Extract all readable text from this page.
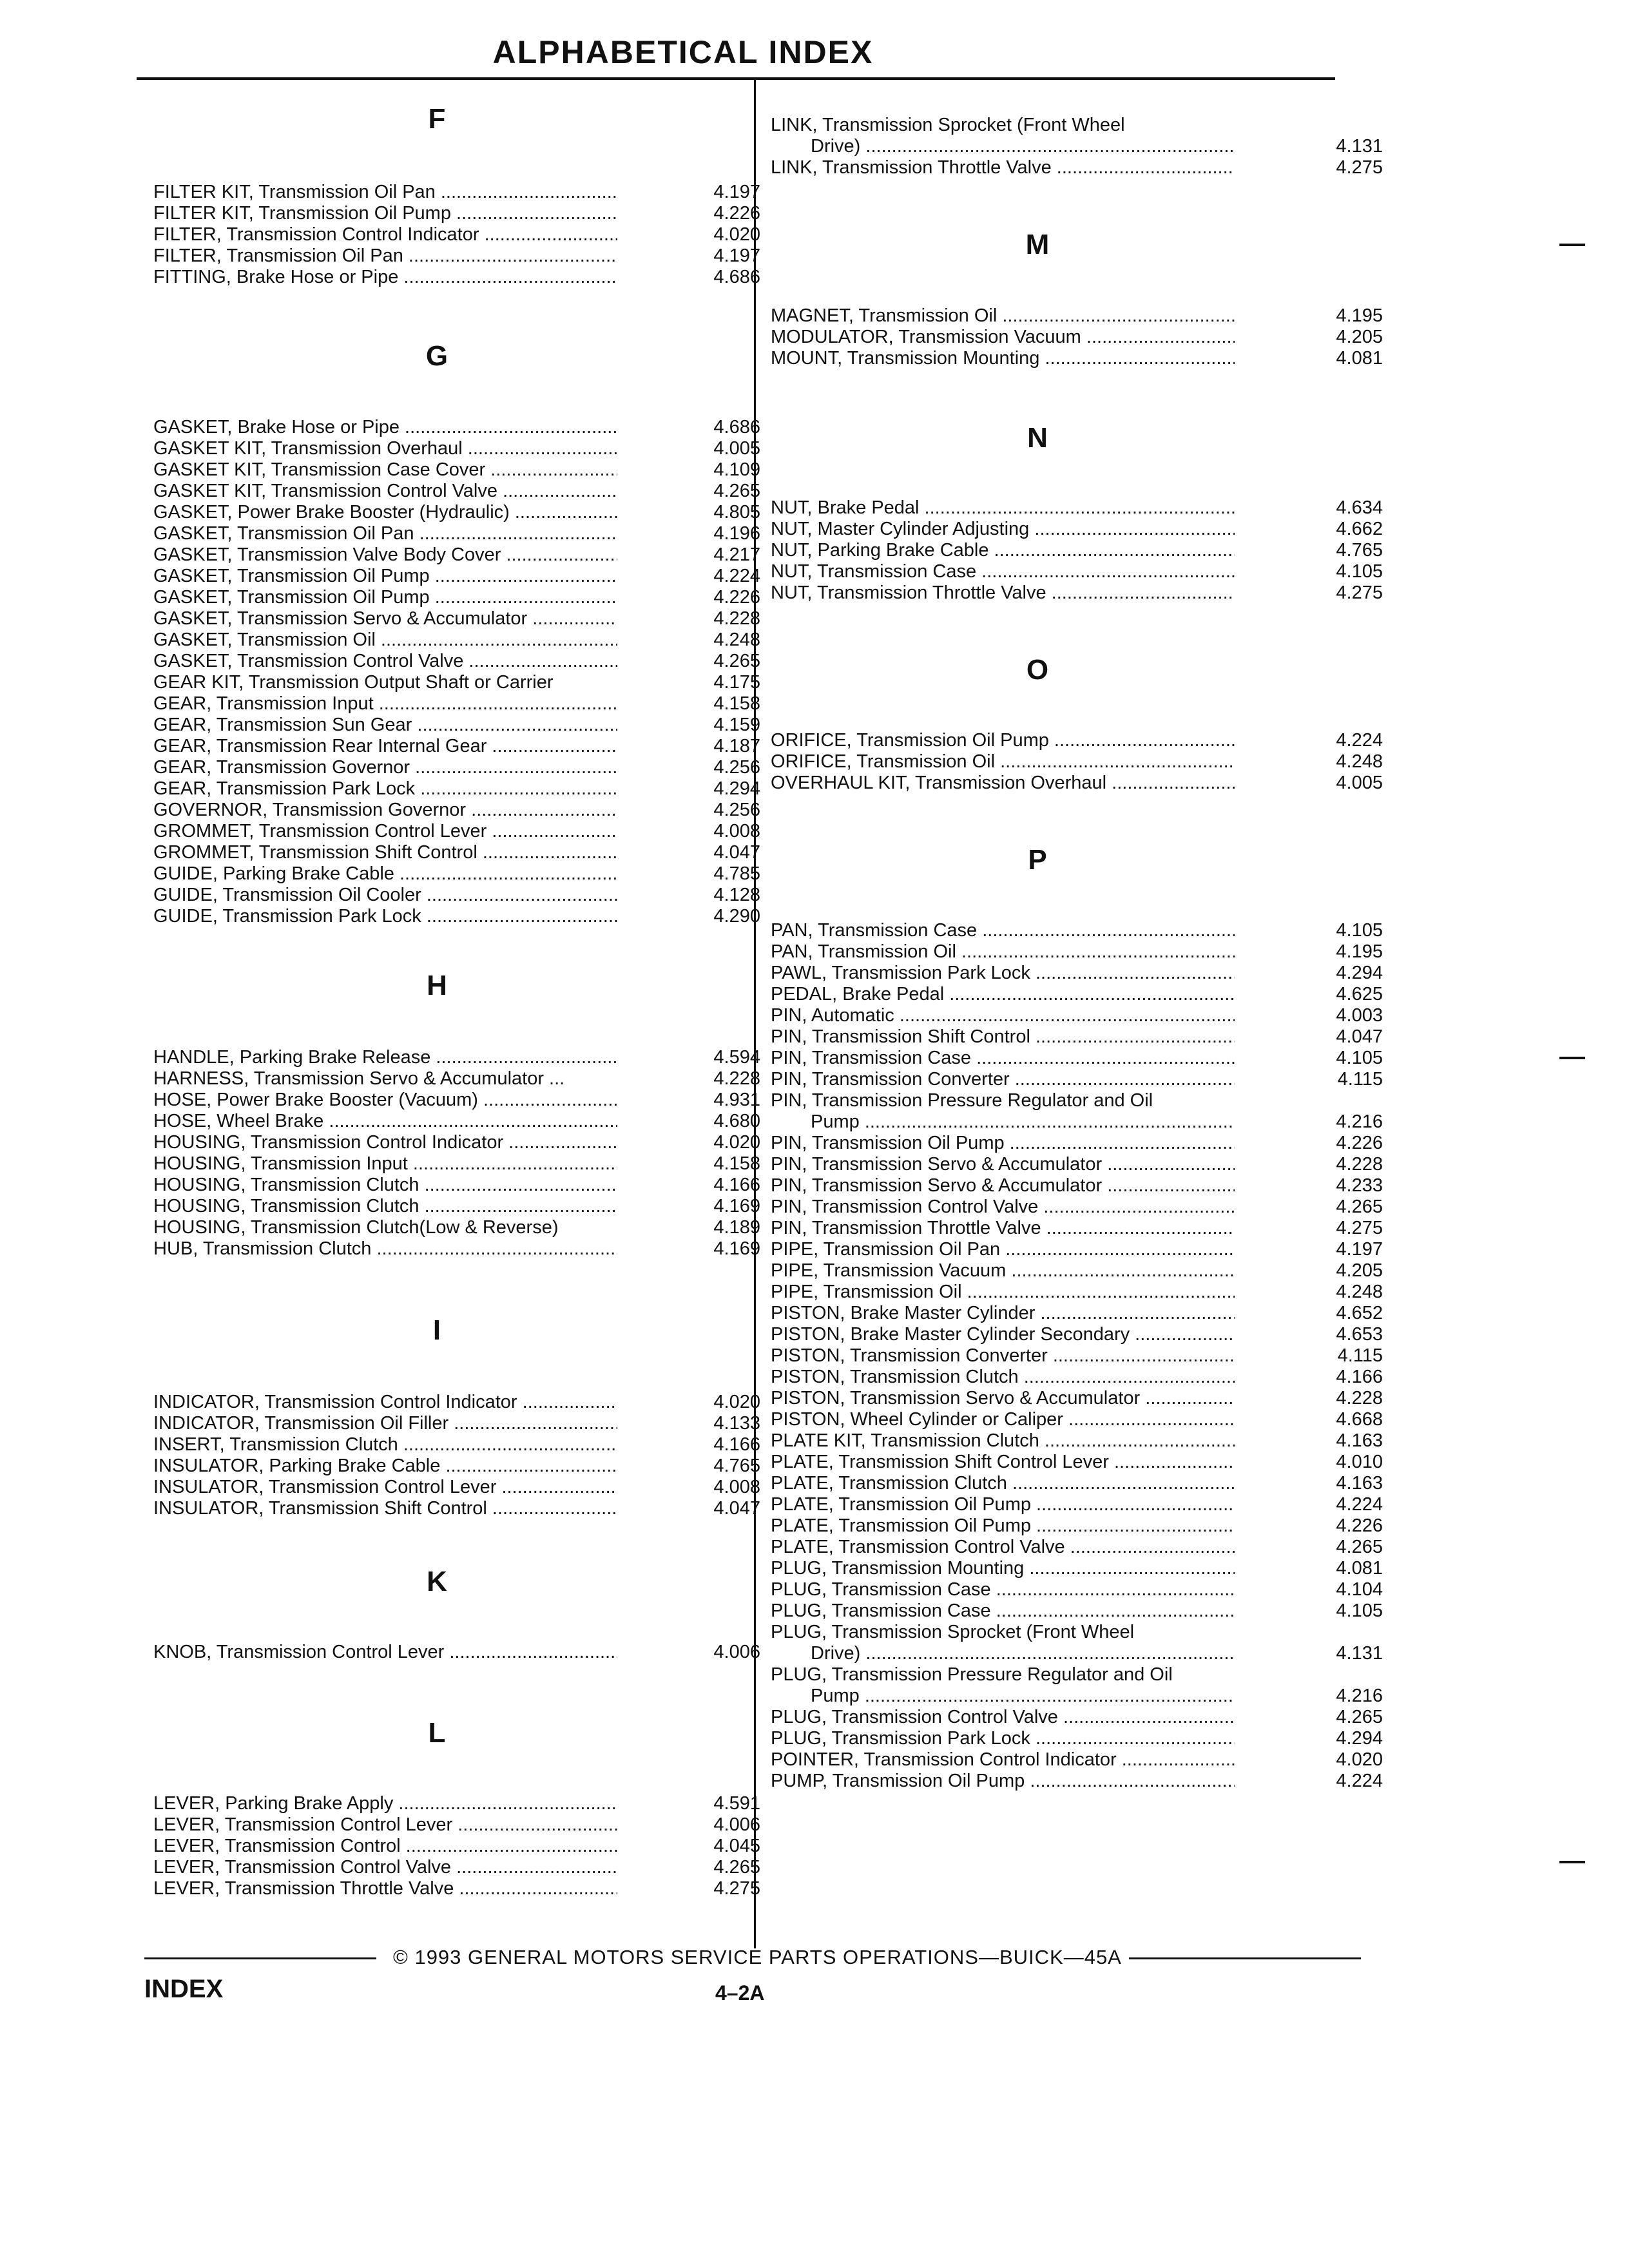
ALPHABETICAL INDEX
F
FILTER KIT, Transmission Oil Pan .....	4.197
FILTER KIT, Transmission Oil Pump .....	4.226
FILTER, Transmission Control Indicator .....	4.020
FILTER, Transmission Oil Pan .....	4.197
FITTING, Brake Hose or Pipe .....	4.686
G
GASKET, Brake Hose or Pipe .....	4.686
GASKET KIT, Transmission Overhaul .....	4.005
GASKET KIT, Transmission Case Cover .....	4.109
GASKET KIT, Transmission Control Valve .....	4.265
GASKET, Power Brake Booster (Hydraulic) .....	4.805
GASKET, Transmission Oil Pan .....	4.196
GASKET, Transmission Valve Body Cover .....	4.217
GASKET, Transmission Oil Pump .....	4.224
GASKET, Transmission Oil Pump .....	4.226
GASKET, Transmission Servo & Accumulator .....	4.228
GASKET, Transmission Oil .....	4.248
GASKET, Transmission Control Valve .....	4.265
GEAR KIT, Transmission Output Shaft or Carrier	4.175
GEAR, Transmission Input .....	4.158
GEAR, Transmission Sun Gear .....	4.159
GEAR, Transmission Rear Internal Gear .....	4.187
GEAR, Transmission Governor .....	4.256
GEAR, Transmission Park Lock .....	4.294
GOVERNOR, Transmission Governor .....	4.256
GROMMET, Transmission Control Lever .....	4.008
GROMMET, Transmission Shift Control .....	4.047
GUIDE, Parking Brake Cable .....	4.785
GUIDE, Transmission Oil Cooler .....	4.128
GUIDE, Transmission Park Lock .....	4.290
H
HANDLE, Parking Brake Release .....	4.594
HARNESS, Transmission Servo & Accumulator ...	4.228
HOSE, Power Brake Booster (Vacuum) .....	4.931
HOSE, Wheel Brake .....	4.680
HOUSING, Transmission Control Indicator .....	4.020
HOUSING, Transmission Input .....	4.158
HOUSING, Transmission Clutch .....	4.166
HOUSING, Transmission Clutch .....	4.169
HOUSING, Transmission Clutch(Low & Reverse)	4.189
HUB, Transmission Clutch .....	4.169
I
INDICATOR, Transmission Control Indicator .....	4.020
INDICATOR, Transmission Oil Filler .....	4.133
INSERT, Transmission Clutch .....	4.166
INSULATOR, Parking Brake Cable .....	4.765
INSULATOR, Transmission Control Lever .....	4.008
INSULATOR, Transmission Shift Control .....	4.047
K
KNOB, Transmission Control Lever .....	4.006
L
LEVER, Parking Brake Apply .....	4.591
LEVER, Transmission Control Lever .....	4.006
LEVER, Transmission Control .....	4.045
LEVER, Transmission Control Valve .....	4.265
LEVER, Transmission Throttle Valve .....	4.275
LINK, Transmission Sprocket (Front Wheel
Drive) .....	4.131
LINK, Transmission Throttle Valve .....	4.275
M
MAGNET, Transmission Oil .....	4.195
MODULATOR, Transmission Vacuum .....	4.205
MOUNT, Transmission Mounting .....	4.081
N
NUT, Brake Pedal .....	4.634
NUT, Master Cylinder Adjusting .....	4.662
NUT, Parking Brake Cable .....	4.765
NUT, Transmission Case .....	4.105
NUT, Transmission Throttle Valve .....	4.275
O
ORIFICE, Transmission Oil Pump .....	4.224
ORIFICE, Transmission Oil .....	4.248
OVERHAUL KIT, Transmission Overhaul .....	4.005
P
PAN, Transmission Case .....	4.105
PAN, Transmission Oil .....	4.195
PAWL, Transmission Park Lock .....	4.294
PEDAL, Brake Pedal .....	4.625
PIN, Automatic .....	4.003
PIN, Transmission Shift Control .....	4.047
PIN, Transmission Case .....	4.105
PIN, Transmission Converter .....	4.115
PIN, Transmission Pressure Regulator and Oil
Pump .....	4.216
PIN, Transmission Oil Pump .....	4.226
PIN, Transmission Servo & Accumulator .....	4.228
PIN, Transmission Servo & Accumulator .....	4.233
PIN, Transmission Control Valve .....	4.265
PIN, Transmission Throttle Valve .....	4.275
PIPE, Transmission Oil Pan .....	4.197
PIPE, Transmission Vacuum .....	4.205
PIPE, Transmission Oil .....	4.248
PISTON, Brake Master Cylinder .....	4.652
PISTON, Brake Master Cylinder Secondary .....	4.653
PISTON, Transmission Converter .....	4.115
PISTON, Transmission Clutch .....	4.166
PISTON, Transmission Servo & Accumulator .....	4.228
PISTON, Wheel Cylinder or Caliper .....	4.668
PLATE KIT, Transmission Clutch .....	4.163
PLATE, Transmission Shift Control Lever .....	4.010
PLATE, Transmission Clutch .....	4.163
PLATE, Transmission Oil Pump .....	4.224
PLATE, Transmission Oil Pump .....	4.226
PLATE, Transmission Control Valve .....	4.265
PLUG, Transmission Mounting .....	4.081
PLUG, Transmission Case .....	4.104
PLUG, Transmission Case .....	4.105
PLUG, Transmission Sprocket (Front Wheel
Drive) .....	4.131
PLUG, Transmission Pressure Regulator and Oil
Pump .....	4.216
PLUG, Transmission Control Valve .....	4.265
PLUG, Transmission Park Lock .....	4.294
POINTER, Transmission Control Indicator .....	4.020
PUMP, Transmission Oil Pump .....	4.224
© 1993 GENERAL MOTORS SERVICE PARTS OPERATIONS—BUICK—45A
INDEX	4–2A
